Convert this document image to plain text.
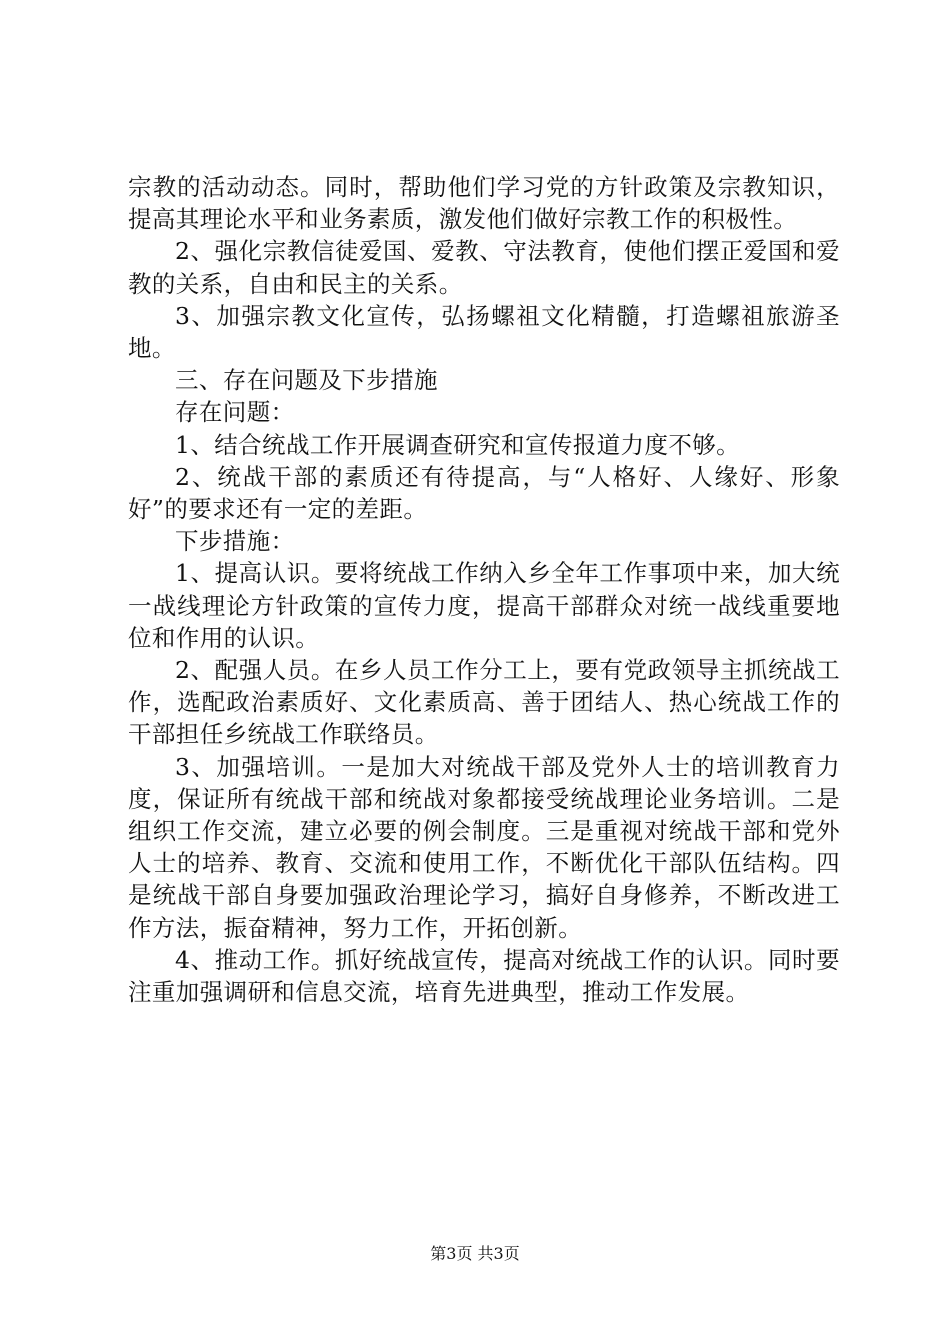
宗教的活动动态。同时，帮助他们学习党的方针政策及宗教知识，提高其理论水平和业务素质，激发他们做好宗教工作的积极性。

2、强化宗教信徒爱国、爱教、守法教育，使他们摆正爱国和爱教的关系，自由和民主的关系。

3、加强宗教文化宣传，弘扬螺祖文化精髓，打造螺祖旅游圣地。

三、存在问题及下步措施

存在问题：

1、结合统战工作开展调查研究和宣传报道力度不够。

2、统战干部的素质还有待提高，与“人格好、人缘好、形象好”的要求还有一定的差距。

下步措施：

1、提高认识。要将统战工作纳入乡全年工作事项中来，加大统一战线理论方针政策的宣传力度，提高干部群众对统一战线重要地位和作用的认识。

2、配强人员。在乡人员工作分工上，要有党政领导主抓统战工作，选配政治素质好、文化素质高、善于团结人、热心统战工作的干部担任乡统战工作联络员。

3、加强培训。一是加大对统战干部及党外人士的培训教育力度，保证所有统战干部和统战对象都接受统战理论业务培训。二是组织工作交流，建立必要的例会制度。三是重视对统战干部和党外人士的培养、教育、交流和使用工作，不断优化干部队伍结构。四是统战干部自身要加强政治理论学习，搞好自身修养，不断改进工作方法，振奋精神，努力工作，开拓创新。

4、推动工作。抓好统战宣传，提高对统战工作的认识。同时要注重加强调研和信息交流，培育先进典型，推动工作发展。

第3页 共3页
